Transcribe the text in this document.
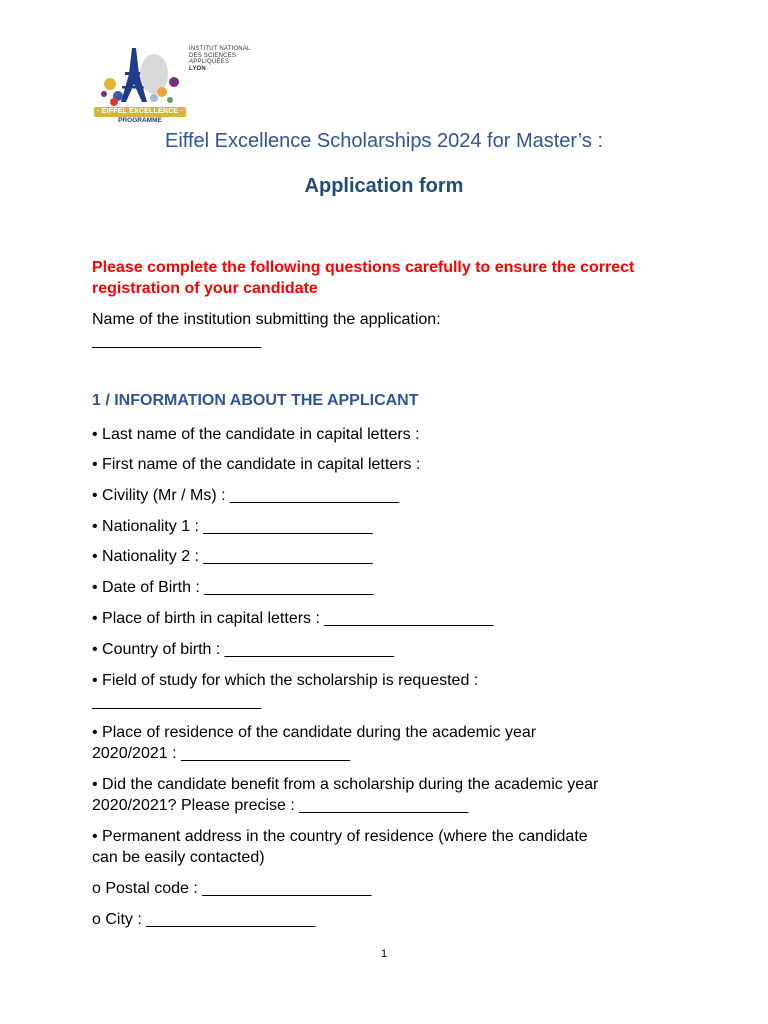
INSTITUT NATIONAL
DES SCIENCES
APPLIQUÉES
LYON
· EIFFEL EXCELLENCE ·
PROGRAMME
Eiffel Excellence Scholarships 2024 for Master’s :
Application form
Please complete the following questions carefully to ensure the correct registration of your candidate
Name of the institution submitting the application:
___________________
1 / INFORMATION ABOUT THE APPLICANT
• Last name of the candidate in capital letters :
• First name of the candidate in capital letters :
• Civility (Mr / Ms) : ___________________
• Nationality 1 : ___________________
• Nationality 2 : ___________________
• Date of Birth : ___________________
• Place of birth in capital letters : ___________________
• Country of birth : ___________________
• Field of study for which the scholarship is requested :
___________________
• Place of residence of the candidate during the academic year
2020/2021 : ___________________
• Did the candidate benefit from a scholarship during the academic year
2020/2021? Please precise : ___________________
• Permanent address in the country of residence (where the candidate
can be easily contacted)
o Postal code : ___________________
o City : ___________________
1
